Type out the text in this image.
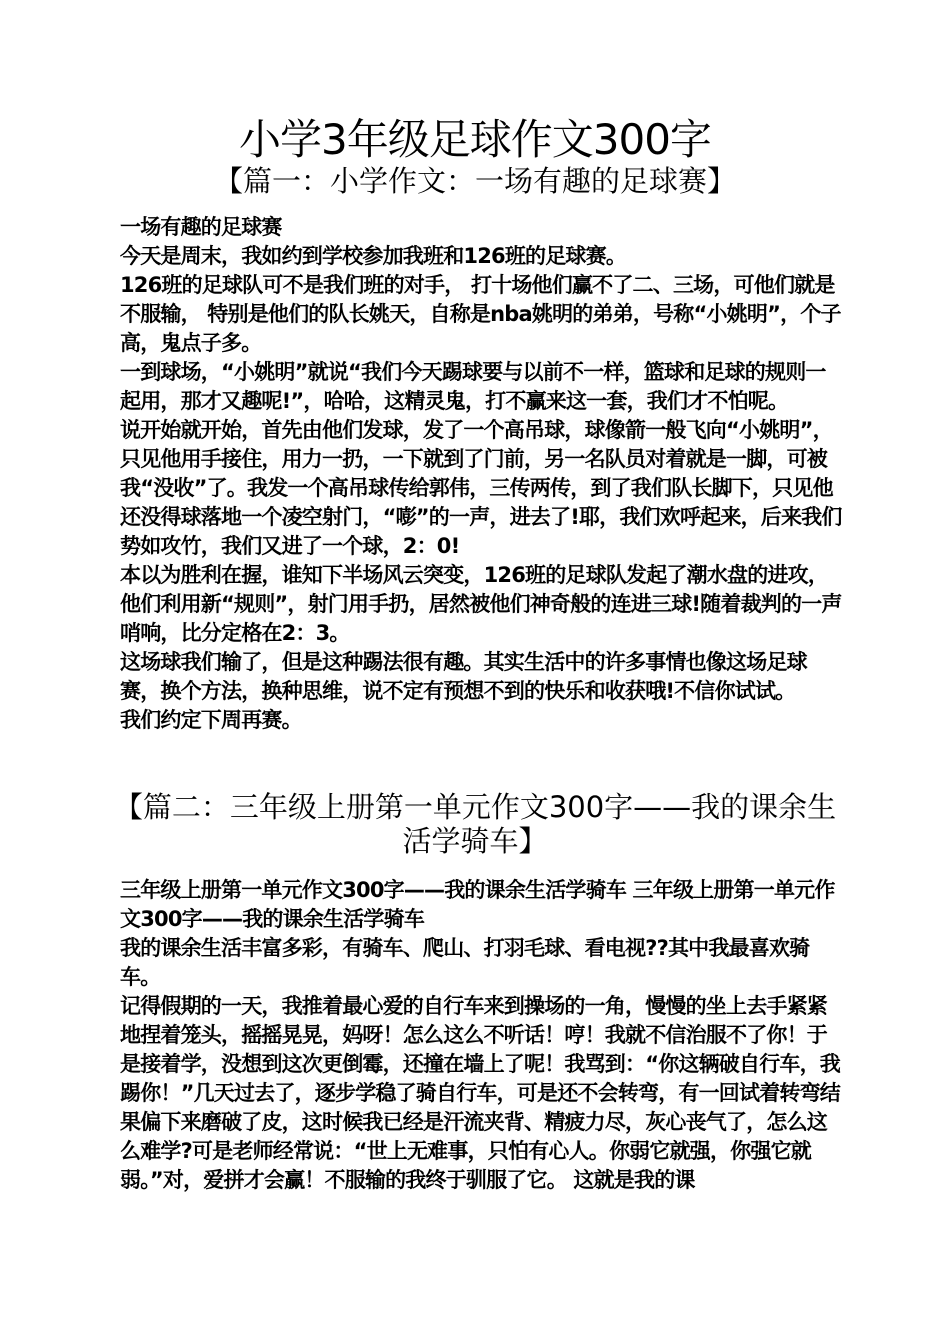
小学3年级足球作文300字
【篇一：小学作文：一场有趣的足球赛】

一场有趣的足球赛

今天是周末，我如约到学校参加我班和126班的足球赛。

126班的足球队可不是我们班的对手， 打十场他们赢不了二、三场，可他们就是不服输， 特别是他们的队长姚天，自称是nba姚明的弟弟，号称“小姚明”，个子高，鬼点子多。

一到球场，“小姚明”就说“我们今天踢球要与以前不一样，篮球和足球的规则一起用，那才又趣呢!”，哈哈，这精灵鬼，打不赢来这一套，我们才不怕呢。

说开始就开始，首先由他们发球，发了一个高吊球，球像箭一般飞向“小姚明”，只见他用手接住，用力一扔，一下就到了门前，另一名队员对着就是一脚，可被我“没收”了。我发一个高吊球传给郭伟，三传两传，到了我们队长脚下，只见他还没得球落地一个凌空射门，“嘭”的一声，进去了!耶，我们欢呼起来，后来我们势如攻竹，我们又进了一个球，2：0!

本以为胜利在握，谁知下半场风云突变，126班的足球队发起了潮水盘的进攻，他们利用新“规则”，射门用手扔，居然被他们神奇般的连进三球!随着裁判的一声哨响，比分定格在2：3。

这场球我们输了，但是这种踢法很有趣。其实生活中的许多事情也像这场足球赛，换个方法，换种思维，说不定有预想不到的快乐和收获哦!不信你试试。

我们约定下周再赛。

【篇二：三年级上册第一单元作文300字——我的课余生活学骑车】

三年级上册第一单元作文300字——我的课余生活学骑车 三年级上册第一单元作文300字——我的课余生活学骑车

我的课余生活丰富多彩，有骑车、爬山、打羽毛球、看电视??其中我最喜欢骑车。

记得假期的一天，我推着最心爱的自行车来到操场的一角，慢慢的坐上去手紧紧地捏着笼头，摇摇晃晃，妈呀！怎么这么不听话！哼！我就不信治服不了你！于是接着学，没想到这次更倒霉，还撞在墙上了呢！我骂到：“你这辆破自行车，我踢你！”几天过去了，逐步学稳了骑自行车，可是还不会转弯，有一回试着转弯结果偏下来磨破了皮，这时候我已经是汗流夹背、精疲力尽，灰心丧气了，怎么这么难学?可是老师经常说：“世上无难事，只怕有心人。你弱它就强，你强它就弱。”对，爱拼才会赢！不服输的我终于驯服了它。 这就是我的课
